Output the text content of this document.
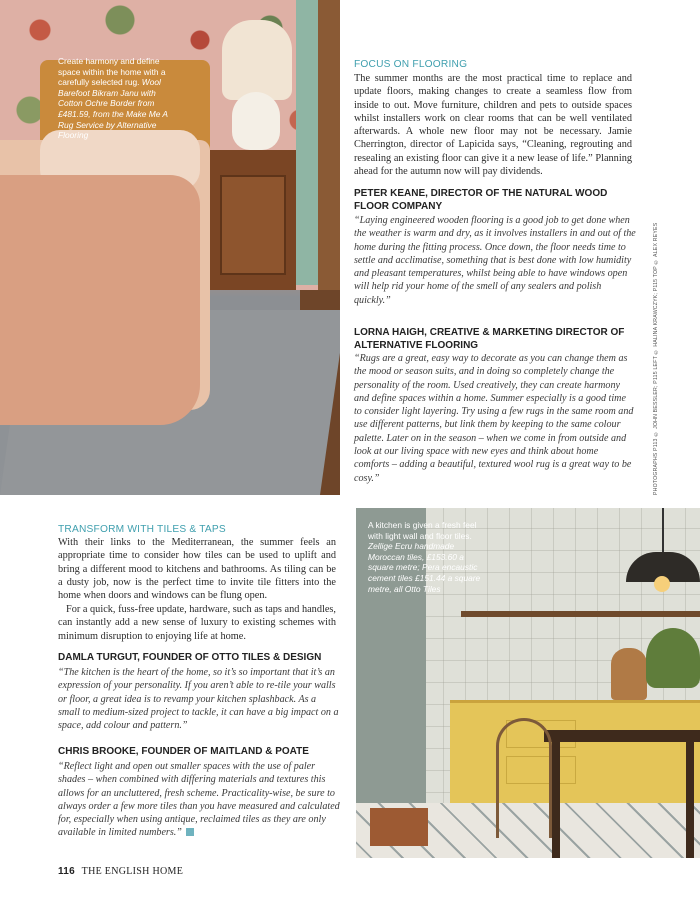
Create harmony and define space within the home with a carefully selected rug. Wool Barefoot Bikram Janu with Cotton Ochre Border from £481.59, from the Make Me A Rug Service by Alternative Flooring
FOCUS ON FLOORING
The summer months are the most practical time to replace and update floors, making changes to create a seamless flow from inside to out. Move furniture, children and pets to outside spaces whilst installers work on clear rooms that can be well ventilated afterwards. A whole new floor may not be necessary. Jamie Cherrington, director of Lapicida says, “Cleaning, regrouting and resealing an existing floor can give it a new lease of life.” Planning ahead for the autumn now will pay dividends.
PETER KEANE, DIRECTOR OF THE NATURAL WOOD FLOOR COMPANY
“Laying engineered wooden flooring is a good job to get done when the weather is warm and dry, as it involves installers in and out of the home during the fitting process. Once down, the floor needs time to settle and acclimatise, something that is best done with low humidity and pleasant temperatures, whilst being able to have windows open will help rid your home of the smell of any sealers and polish quickly.”
LORNA HAIGH, CREATIVE & MARKETING DIRECTOR OF ALTERNATIVE FLOORING
“Rugs are a great, easy way to decorate as you can change them as the mood or season suits, and in doing so completely change the personality of the room. Used creatively, they can create harmony and define spaces within a home. Summer especially is a good time to consider light layering. Try using a few rugs in the same room and use different patterns, but link them by keeping to the same colour palette. Later on in the season – when we come in from outside and look at our living space with new eyes and think about home comforts – adding a beautiful, textured wool rug is a great way to be cosy.”	PHOTOGRAPHS P113 © JOHN BESSLER; P115 LEFT © HALINA KRAWCZYK; P115 TOP © ALEX REYES
TRANSFORM WITH TILES & TAPS
With their links to the Mediterranean, the summer feels an appropriate time to consider how tiles can be used to uplift and bring a different mood to kitchens and bathrooms. As tiling can be a dusty job, now is the perfect time to invite tile fitters into the home when doors and windows can be flung open.
For a quick, fuss-free update, hardware, such as taps and handles, can instantly add a new sense of luxury to existing schemes with minimum disruption to enjoying life at home.
DAMLA TURGUT, FOUNDER OF OTTO TILES & DESIGN
“The kitchen is the heart of the home, so it’s so important that it’s an expression of your personality. If you aren’t able to re-tile your walls or floor, a great idea is to revamp your kitchen splashback. As a small to medium-sized project to tackle, it can have a big impact on a space, add colour and pattern.”
CHRIS BROOKE, FOUNDER OF MAITLAND & POATE
“Reflect light and open out smaller spaces with the use of paler shades – when combined with differing materials and textures this allows for an uncluttered, fresh scheme. Practicality-wise, be sure to always order a few more tiles than you have measured and calculated for, especially when using antique, reclaimed tiles as they are only available in limited numbers.”
A kitchen is given a fresh feel with light wall and floor tiles. Zellige Ecru handmade Moroccan tiles, £153.60 a square metre; Pera encaustic cement tiles £151.44 a square metre, all Otto Tiles
116 THE ENGLISH HOME
